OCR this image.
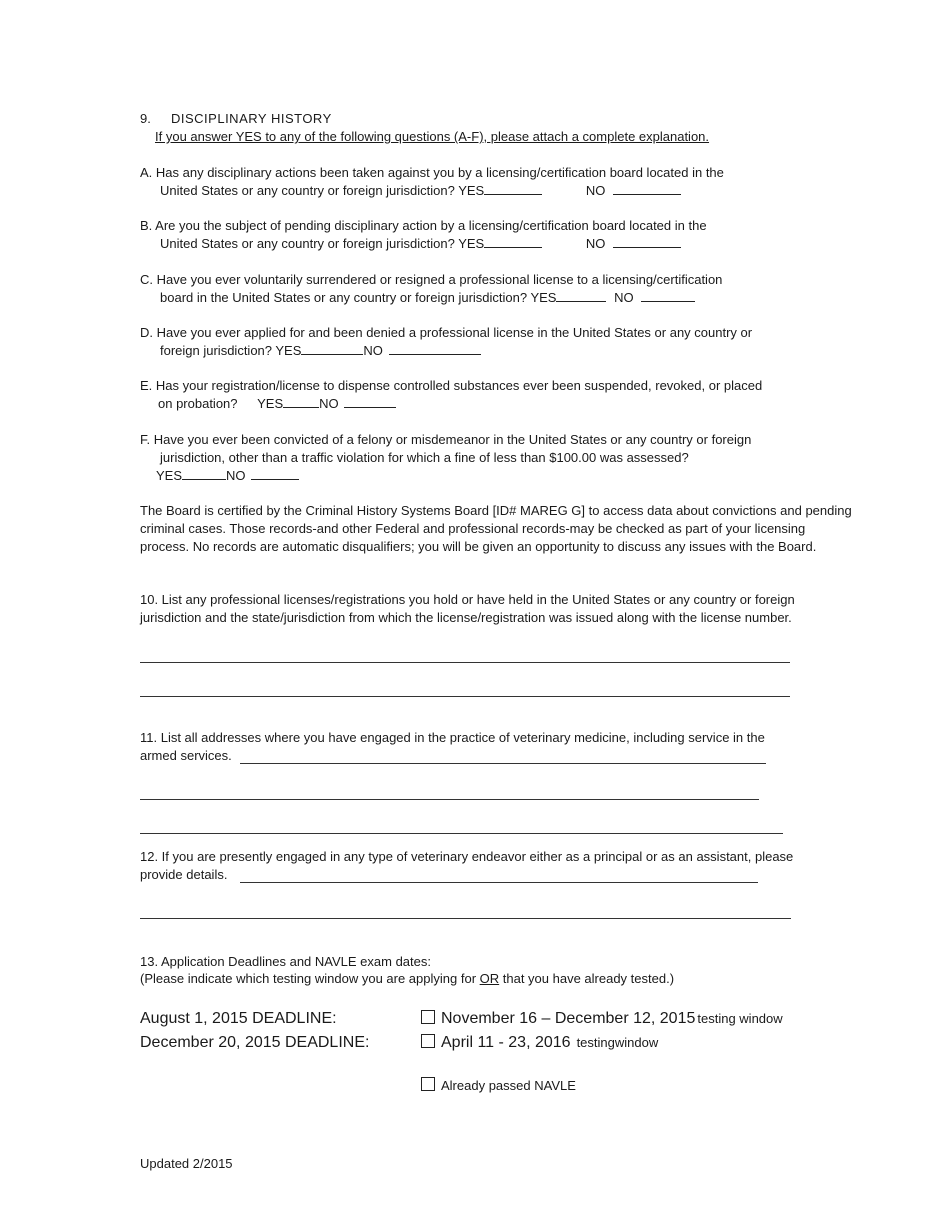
9. DISCIPLINARY HISTORY
If you answer YES to any of the following questions (A-F), please attach a complete explanation.
A. Has any disciplinary actions been taken against you by a licensing/certification board located in the
United States or any country or foreign jurisdiction? YES	NO
B. Are you the subject of pending disciplinary action by a licensing/certification board located in the
United States or any country or foreign jurisdiction? YES	NO
C. Have you ever voluntarily surrendered or resigned a professional license to a licensing/certification
board in the United States or any country or foreign jurisdiction? YES	NO
D. Have you ever applied for and been denied a professional license in the United States or any country or
foreign jurisdiction? YES	NO
E. Has your registration/license to dispense controlled substances ever been suspended, revoked, or placed
on probation? YES	NO
F. Have you ever been convicted of a felony or misdemeanor in the United States or any country or foreign
jurisdiction, other than a traffic violation for which a fine of less than $100.00 was assessed?
YES	NO
The Board is certified by the Criminal History Systems Board [ID# MAREG G] to access data about convictions and pending criminal cases. Those records-and other Federal and professional records-may be checked as part of your licensing process. No records are automatic disqualifiers; you will be given an opportunity to discuss any issues with the Board.
10. List any professional licenses/registrations you hold or have held in the United States or any country or foreign jurisdiction and the state/jurisdiction from which the license/registration was issued along with the license number.
11. List all addresses where you have engaged in the practice of veterinary medicine, including service in the
armed services.
12. If you are presently engaged in any type of veterinary endeavor either as a principal or as an assistant, please
provide details.
13. Application Deadlines and NAVLE exam dates:
(Please indicate which testing window you are applying for OR that you have already tested.)
August 1, 2015 DEADLINE:	November 16 – December 12, 2015 testing window
December 20, 2015 DEADLINE:	April 11 - 23, 2016 testingwindow
Already passed NAVLE
Updated 2/2015
